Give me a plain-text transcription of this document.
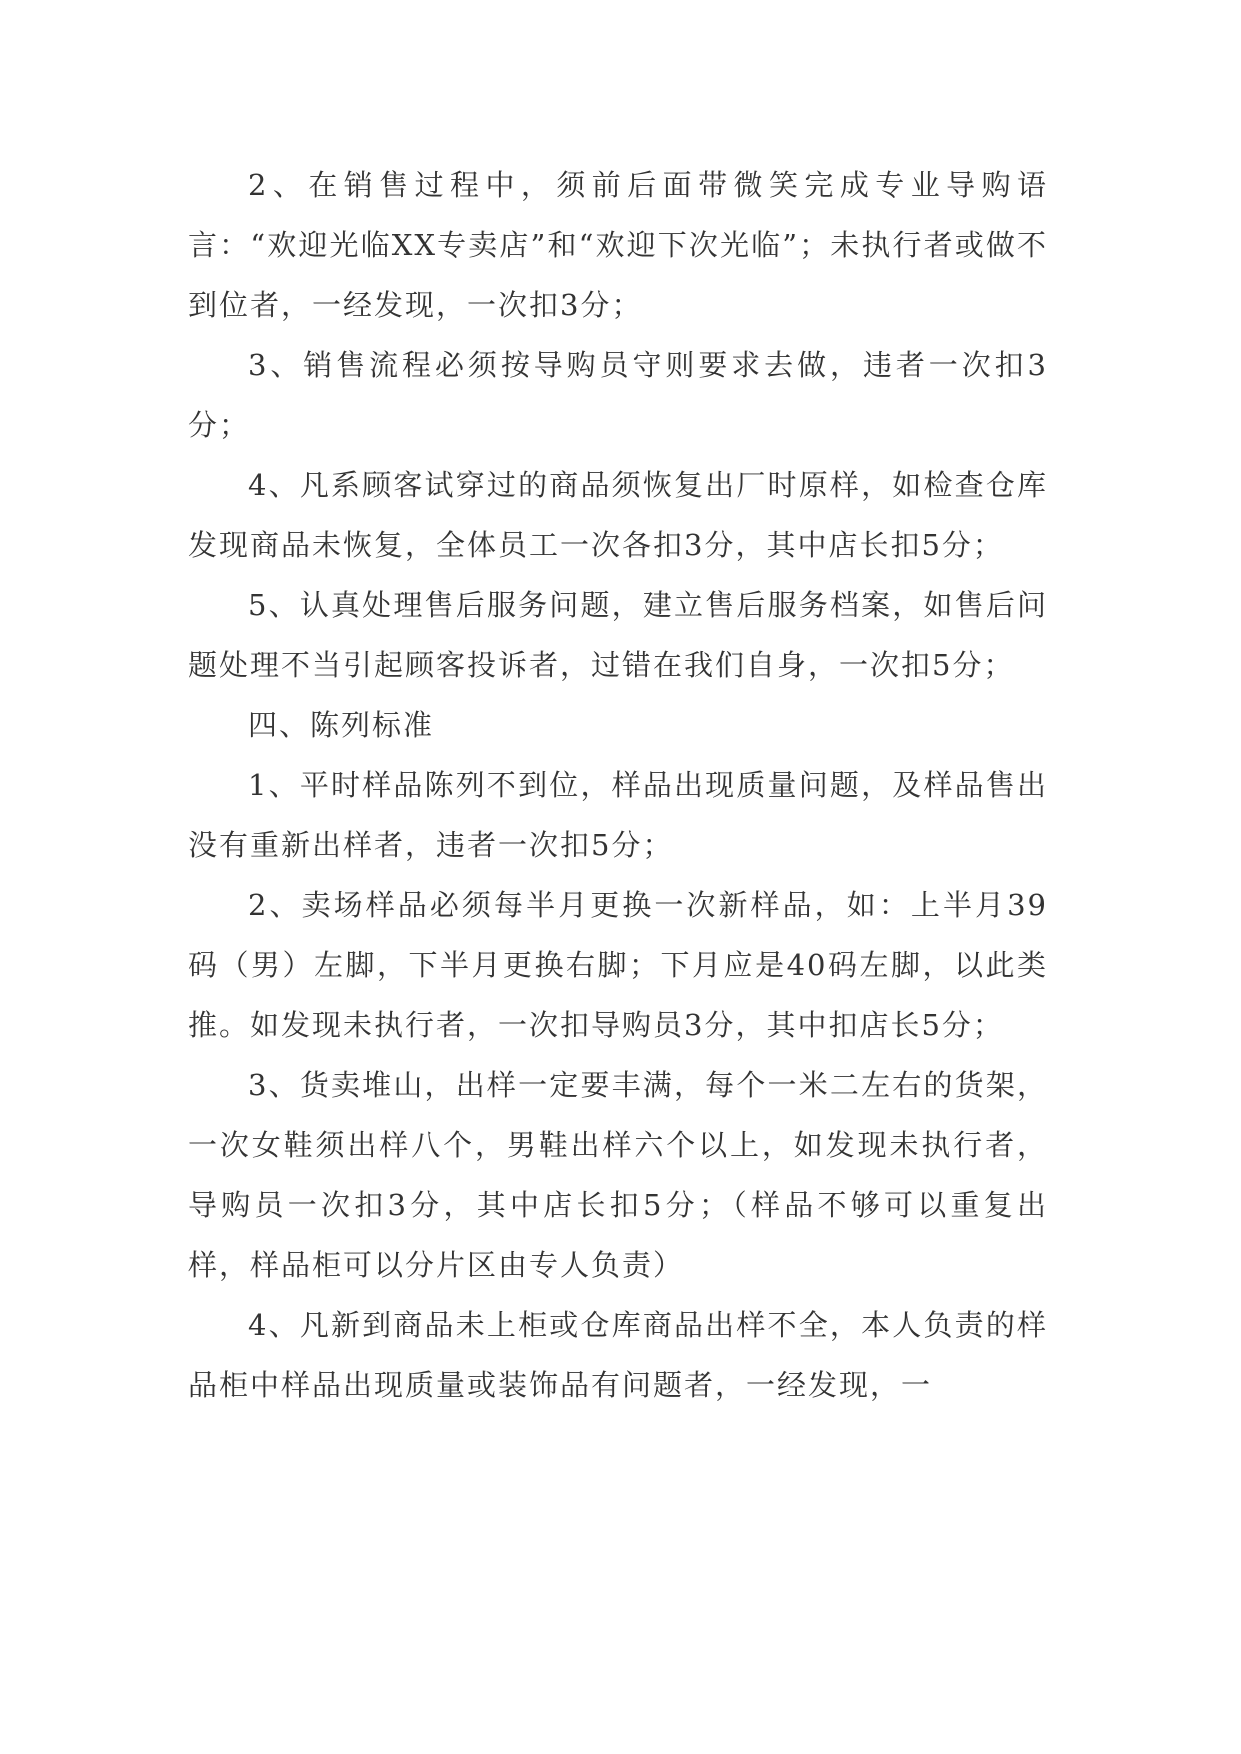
2、在销售过程中，须前后面带微笑完成专业导购语言：“欢迎光临XX专卖店”和“欢迎下次光临”；未执行者或做不到位者，一经发现，一次扣3分；

3、销售流程必须按导购员守则要求去做，违者一次扣3分；

4、凡系顾客试穿过的商品须恢复出厂时原样，如检查仓库发现商品未恢复，全体员工一次各扣3分，其中店长扣5分；

5、认真处理售后服务问题，建立售后服务档案，如售后问题处理不当引起顾客投诉者，过错在我们自身，一次扣5分；

四、陈列标准

1、平时样品陈列不到位，样品出现质量问题，及样品售出没有重新出样者，违者一次扣5分；

2、卖场样品必须每半月更换一次新样品，如：上半月39码（男）左脚，下半月更换右脚；下月应是40码左脚，以此类推。如发现未执行者，一次扣导购员3分，其中扣店长5分；

3、货卖堆山，出样一定要丰满，每个一米二左右的货架，一次女鞋须出样八个，男鞋出样六个以上，如发现未执行者，导购员一次扣3分，其中店长扣5分；（样品不够可以重复出样，样品柜可以分片区由专人负责）

4、凡新到商品未上柜或仓库商品出样不全，本人负责的样品柜中样品出现质量或装饰品有问题者，一经发现，一
